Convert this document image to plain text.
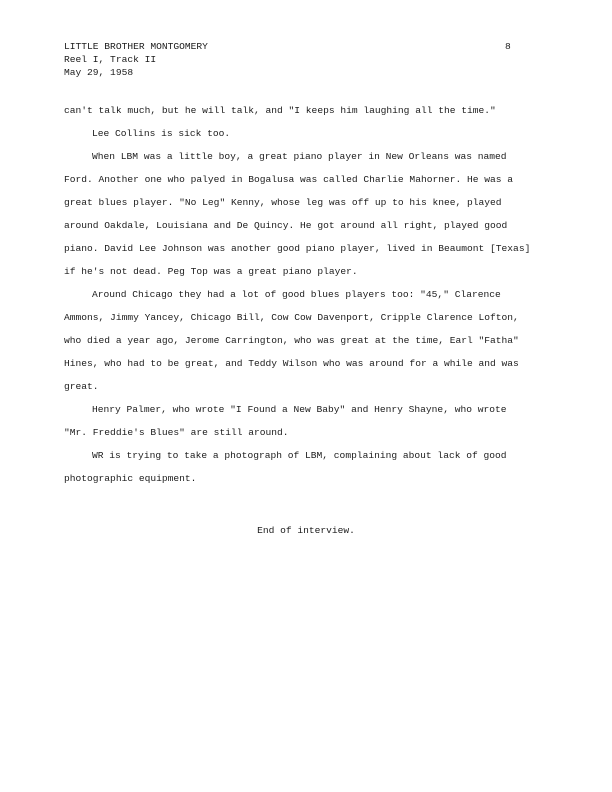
LITTLE BROTHER MONTGOMERY
Reel I, Track II
May 29, 1958
8

can't talk much, but he will talk, and "I keeps him laughing all the time."

Lee Collins is sick too.

When LBM was a little boy, a great piano player in New Orleans was named Ford. Another one who palyed in Bogalusa was called Charlie Mahorner. He was a great blues player. "No Leg" Kenny, whose leg was off up to his knee, played around Oakdale, Louisiana and De Quincy. He got around all right, played good piano. David Lee Johnson was another good piano player, lived in Beaumont [Texas] if he's not dead. Peg Top was a great piano player.

Around Chicago they had a lot of good blues players too: "45," Clarence Ammons, Jimmy Yancey, Chicago Bill, Cow Cow Davenport, Cripple Clarence Lofton, who died a year ago, Jerome Carrington, who was great at the time, Earl "Fatha" Hines, who had to be great, and Teddy Wilson who was around for a while and was great.

Henry Palmer, who wrote "I Found a New Baby" and Henry Shayne, who wrote "Mr. Freddie's Blues" are still around.

WR is trying to take a photograph of LBM, complaining about lack of good photographic equipment.

End of interview.
